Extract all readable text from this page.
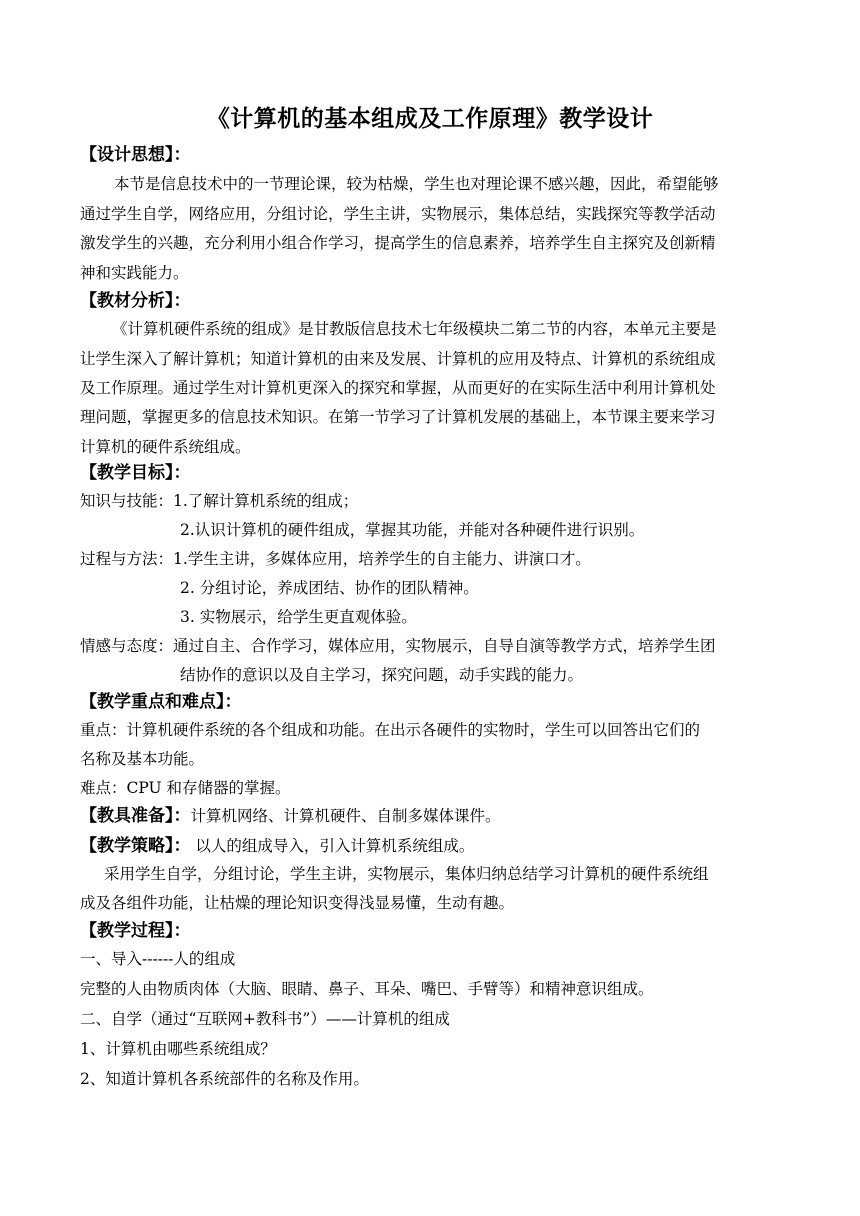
《计算机的基本组成及工作原理》教学设计
【设计思想】：
本节是信息技术中的一节理论课，较为枯燥，学生也对理论课不感兴趣，因此，希望能够
通过学生自学，网络应用，分组讨论，学生主讲，实物展示，集体总结，实践探究等教学活动
激发学生的兴趣，充分利用小组合作学习，提高学生的信息素养，培养学生自主探究及创新精
神和实践能力。
【教材分析】：
《计算机硬件系统的组成》是甘教版信息技术七年级模块二第二节的内容，本单元主要是
让学生深入了解计算机；知道计算机的由来及发展、计算机的应用及特点、计算机的系统组成
及工作原理。通过学生对计算机更深入的探究和掌握，从而更好的在实际生活中利用计算机处
理问题，掌握更多的信息技术知识。在第一节学习了计算机发展的基础上，本节课主要来学习
计算机的硬件系统组成。
【教学目标】：
知识与技能：1.了解计算机系统的组成；
2.认识计算机的硬件组成，掌握其功能，并能对各种硬件进行识别。
过程与方法：1.学生主讲，多媒体应用，培养学生的自主能力、讲演口才。
2. 分组讨论，养成团结、协作的团队精神。
3. 实物展示，给学生更直观体验。
情感与态度：通过自主、合作学习，媒体应用，实物展示，自导自演等教学方式，培养学生团
结协作的意识以及自主学习，探究问题，动手实践的能力。
【教学重点和难点】：
重点：计算机硬件系统的各个组成和功能。在出示各硬件的实物时，学生可以回答出它们的
名称及基本功能。
难点：CPU 和存储器的掌握。
【教具准备】：计算机网络、计算机硬件、自制多媒体课件。
【教学策略】： 以人的组成导入，引入计算机系统组成。
采用学生自学，分组讨论，学生主讲，实物展示，集体归纳总结学习计算机的硬件系统组
成及各组件功能，让枯燥的理论知识变得浅显易懂，生动有趣。
【教学过程】：
一、导入------人的组成
完整的人由物质肉体（大脑、眼睛、鼻子、耳朵、嘴巴、手臂等）和精神意识组成。
二、自学（通过“互联网+教科书”）——计算机的组成
1、计算机由哪些系统组成？
2、知道计算机各系统部件的名称及作用。
